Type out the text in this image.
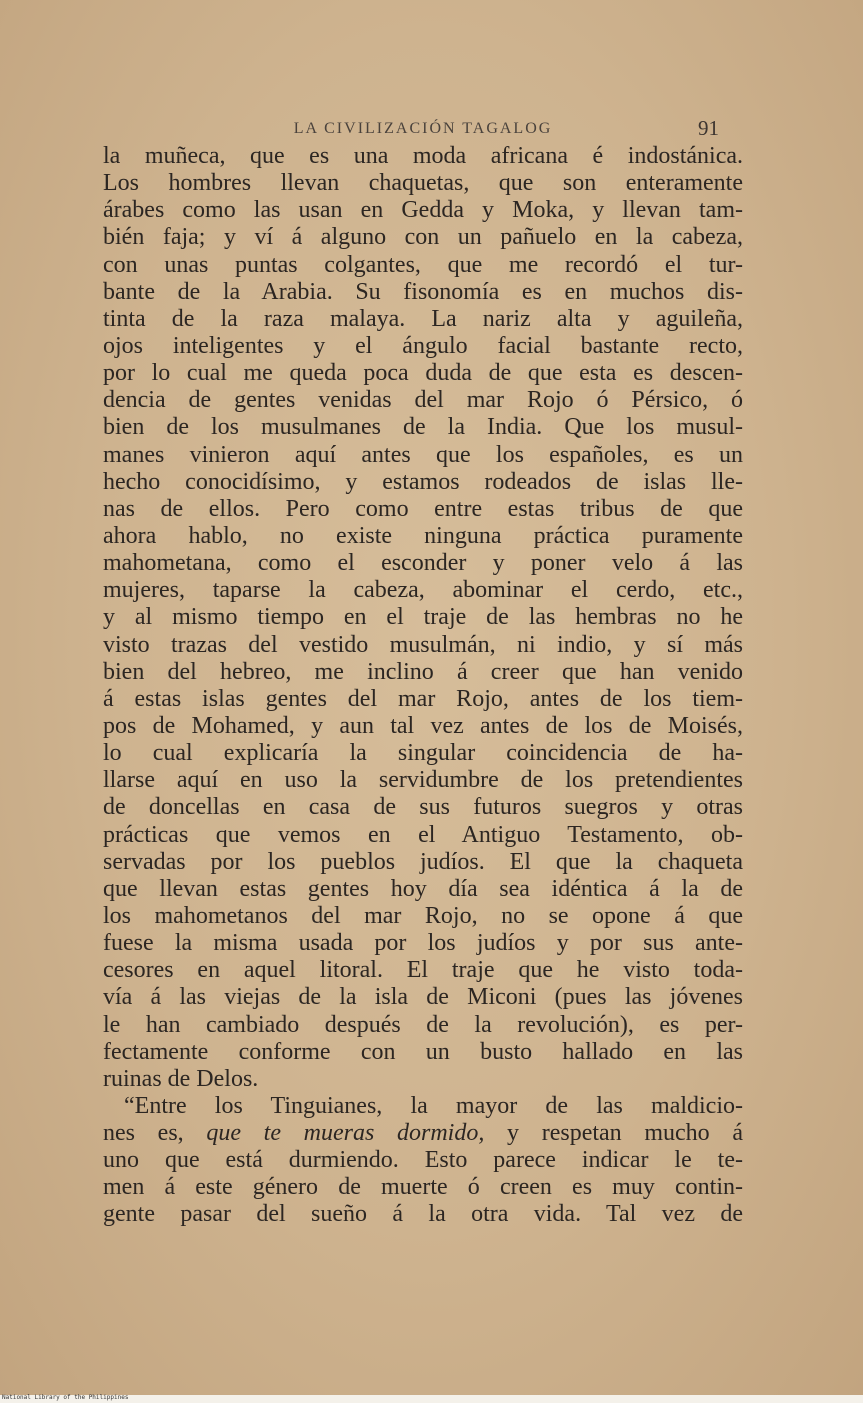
LA CIVILIZACIÓN TAGALOG	91
la muñeca, que es una moda africana é indostánica.
Los hombres llevan chaquetas, que son enteramente
árabes como las usan en Gedda y Moka, y llevan tam-
bién faja; y ví á alguno con un pañuelo en la cabeza,
con unas puntas colgantes, que me recordó el tur-
bante de la Arabia. Su fisonomía es en muchos dis-
tinta de la raza malaya. La nariz alta y aguileña,
ojos inteligentes y el ángulo facial bastante recto,
por lo cual me queda poca duda de que esta es descen-
dencia de gentes venidas del mar Rojo ó Pérsico, ó
bien de los musulmanes de la India. Que los musul-
manes vinieron aquí antes que los españoles, es un
hecho conocidísimo, y estamos rodeados de islas lle-
nas de ellos. Pero como entre estas tribus de que
ahora hablo, no existe ninguna práctica puramente
mahometana, como el esconder y poner velo á las
mujeres, taparse la cabeza, abominar el cerdo, etc.,
y al mismo tiempo en el traje de las hembras no he
visto trazas del vestido musulmán, ni indio, y sí más
bien del hebreo, me inclino á creer que han venido
á estas islas gentes del mar Rojo, antes de los tiem-
pos de Mohamed, y aun tal vez antes de los de Moisés,
lo cual explicaría la singular coincidencia de ha-
llarse aquí en uso la servidumbre de los pretendientes
de doncellas en casa de sus futuros suegros y otras
prácticas que vemos en el Antiguo Testamento, ob-
servadas por los pueblos judíos. El que la chaqueta
que llevan estas gentes hoy día sea idéntica á la de
los mahometanos del mar Rojo, no se opone á que
fuese la misma usada por los judíos y por sus ante-
cesores en aquel litoral. El traje que he visto toda-
vía á las viejas de la isla de Miconi (pues las jóvenes
le han cambiado después de la revolución), es per-
fectamente conforme con un busto hallado en las
ruinas de Delos.
“Entre los Tinguianes, la mayor de las maldicio-
nes es, que te mueras dormido, y respetan mucho á
uno que está durmiendo. Esto parece indicar le te-
men á este género de muerte ó creen es muy contin-
gente pasar del sueño á la otra vida. Tal vez de
National Library of the Philippines
